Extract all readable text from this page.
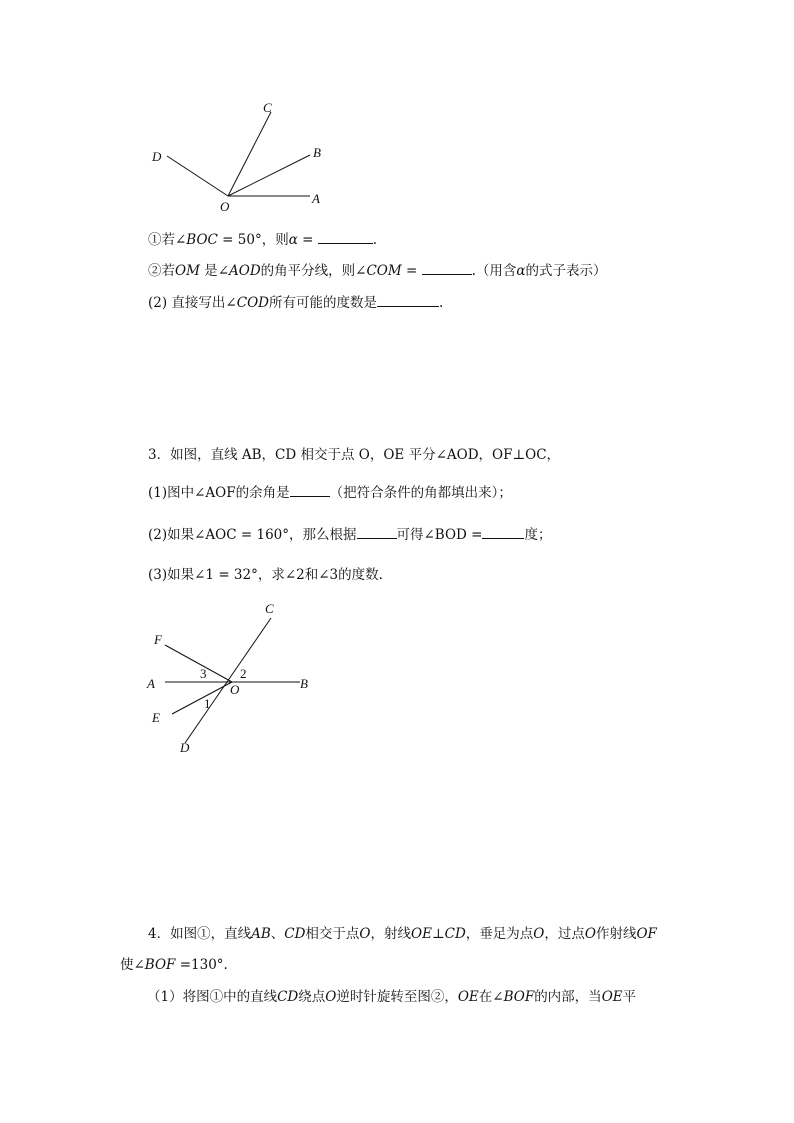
C
D	B
O
A
①若∠BOC = 50°，则α =	.
②若OM 是∠AOD的角平分线，则∠COM =	.（用含α的式子表示）
(2) 直接写出∠COD所有可能的度数是	.
3．如图，直线 AB，CD 相交于点 O，OE 平分∠AOD，OF⊥OC，
(1)图中∠AOF的余角是	（把符合条件的角都填出来）；
(2)如果∠AOC = 160°，那么根据	可得∠BOD =	度；
(3)如果∠1 = 32°，求∠2和∠3的度数.
C
F
A	B
E
D
O
3	2
1
4．如图①，直线AB、CD相交于点O，射线OE⊥CD，垂足为点O，过点O作射线OF
使∠BOF =130°.
（1）将图①中的直线CD绕点O逆时针旋转至图②，OE在∠BOF的内部，当OE平
